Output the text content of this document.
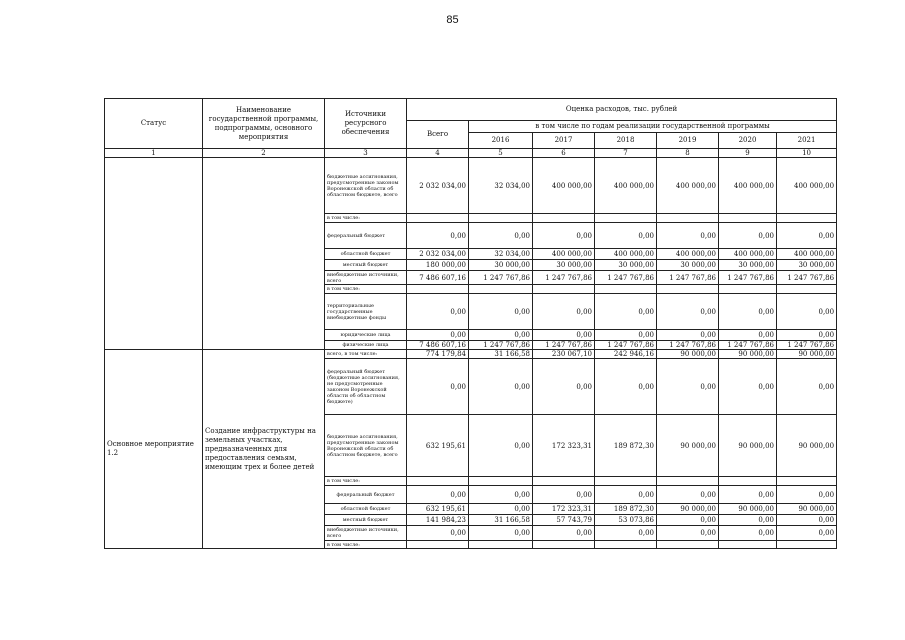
85
Статус	Наименование государственной программы, подпрограммы, основного мероприятия	Источники ресурсного обеспечения	Оценка расходов, тыс. рублей						
			Всего	в том числе по годам реализации государственной программы					
				2016	2017	2018	2019	2020	2021
1	2	3	4	5	6	7	8	9	10
		бюджетные ассигнования, предусмотренные законом Воронежской области об областном бюджете, всего	2 032 034,00	32 034,00	400 000,00	400 000,00	400 000,00	400 000,00	400 000,00
		в том числе:							
		федеральный бюджет	0,00	0,00	0,00	0,00	0,00	0,00	0,00
		областной бюджет	2 032 034,00	32 034,00	400 000,00	400 000,00	400 000,00	400 000,00	400 000,00
		местный бюджет	180 000,00	30 000,00	30 000,00	30 000,00	30 000,00	30 000,00	30 000,00
		внебюджетные источники, всего	7 486 607,16	1 247 767,86	1 247 767,86	1 247 767,86	1 247 767,86	1 247 767,86	1 247 767,86
		в том числе:							
		территориальные государственные внебюджетные фонды	0,00	0,00	0,00	0,00	0,00	0,00	0,00
		юридические лица	0,00	0,00	0,00	0,00	0,00	0,00	0,00
		физические лица	7 486 607,16	1 247 767,86	1 247 767,86	1 247 767,86	1 247 767,86	1 247 767,86	1 247 767,86
Основное мероприятие 1.2	Создание инфраструктуры на земельных участках, предназначенных для предоставления семьям, имеющим трех и более детей	всего, в том числе:	774 179,84	31 166,58	230 067,10	242 946,16	90 000,00	90 000,00	90 000,00
		федеральный бюджет (бюджетные ассигнования, не предусмотренные законом Воронежской области об областном бюджете)	0,00	0,00	0,00	0,00	0,00	0,00	0,00
		бюджетные ассигнования, предусмотренные законом Воронежской области об областном бюджете, всего	632 195,61	0,00	172 323,31	189 872,30	90 000,00	90 000,00	90 000,00
		в том числе:							
		федеральный бюджет	0,00	0,00	0,00	0,00	0,00	0,00	0,00
		областной бюджет	632 195,61	0,00	172 323,31	189 872,30	90 000,00	90 000,00	90 000,00
		местный бюджет	141 984,23	31 166,58	57 743,79	53 073,86	0,00	0,00	0,00
		внебюджетные источники, всего	0,00	0,00	0,00	0,00	0,00	0,00	0,00
		в том числе:							
